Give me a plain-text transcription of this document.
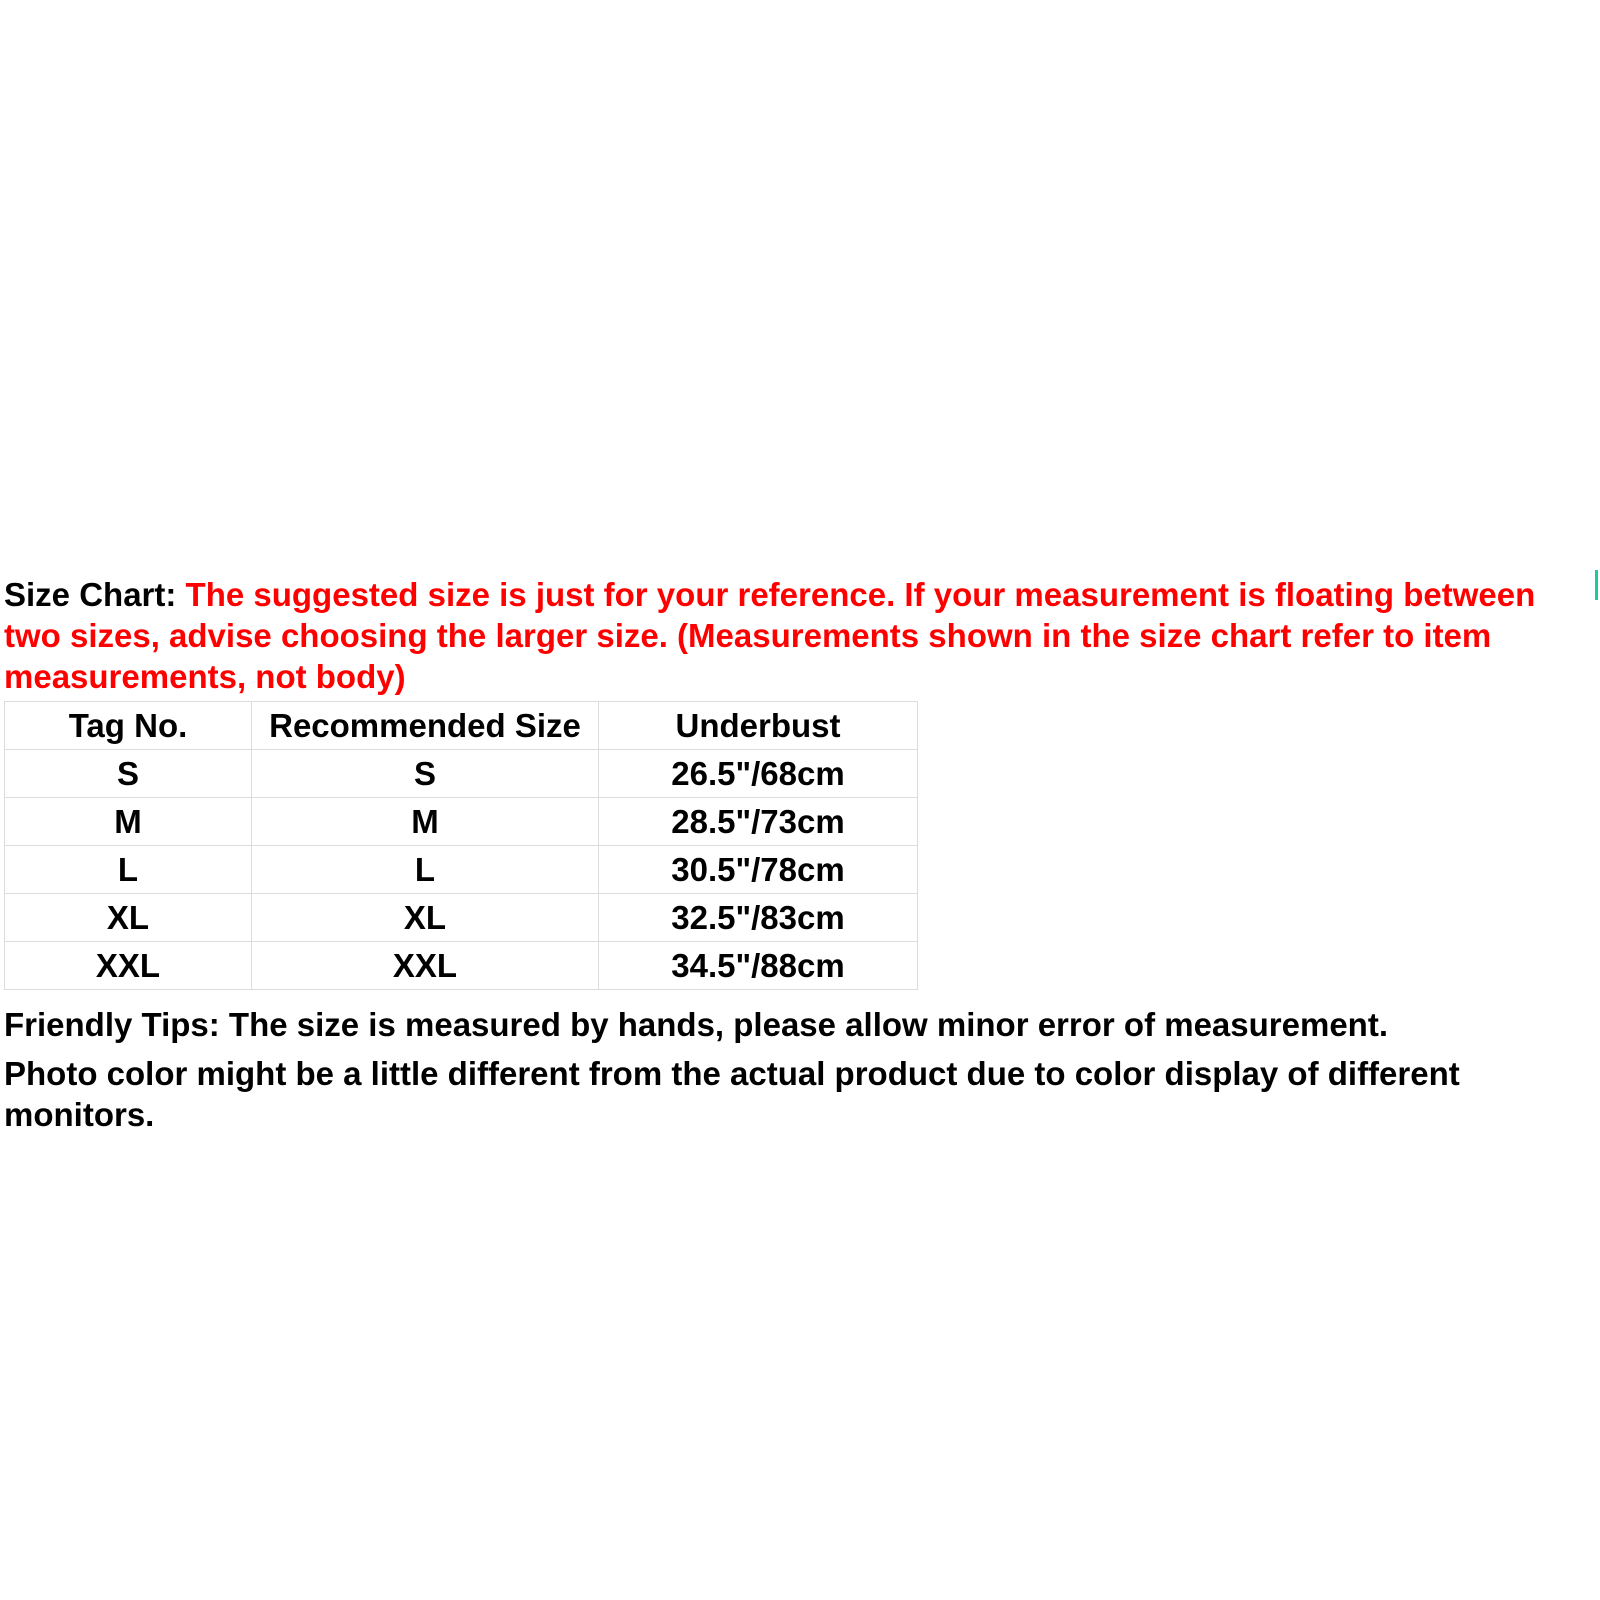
Size Chart: The suggested size is just for your reference. If your measurement is floating between two sizes, advise choosing the larger size. (Measurements shown in the size chart refer to item measurements, not body)

Tag No.	Recommended Size	Underbust
S	S	26.5"/68cm
M	M	28.5"/73cm
L	L	30.5"/78cm
XL	XL	32.5"/83cm
XXL	XXL	34.5"/88cm

Friendly Tips: The size is measured by hands, please allow minor error of measurement.

Photo color might be a little different from the actual product due to color display of different monitors.
